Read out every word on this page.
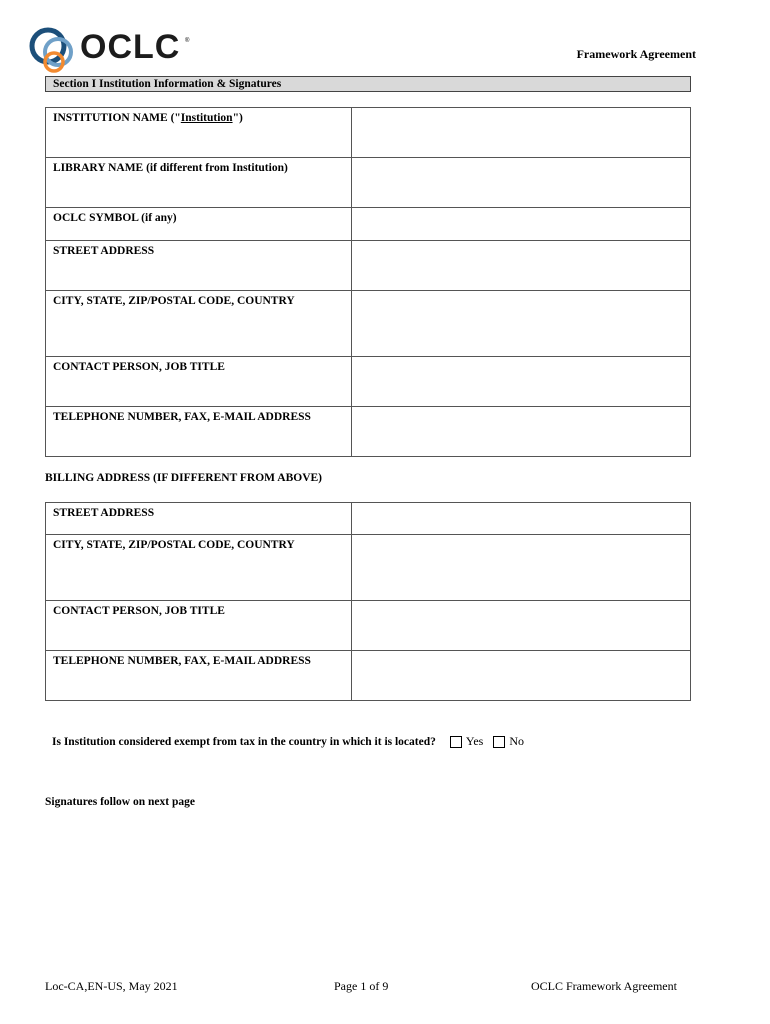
OCLC ®
Framework Agreement
Section I Institution Information & Signatures
INSTITUTION NAME ("Institution")	
LIBRARY NAME (if different from Institution)	
OCLC SYMBOL (if any)	
STREET ADDRESS	
CITY, STATE, ZIP/POSTAL CODE, COUNTRY	
CONTACT PERSON, JOB TITLE	
TELEPHONE NUMBER, FAX, E-MAIL ADDRESS	
BILLING ADDRESS (IF DIFFERENT FROM ABOVE)
STREET ADDRESS	
CITY, STATE, ZIP/POSTAL CODE, COUNTRY	
CONTACT PERSON, JOB TITLE	
TELEPHONE NUMBER, FAX, E-MAIL ADDRESS	
Is Institution considered exempt from tax in the country in which it is located?	Yes No
Signatures follow on next page
Loc-CA,EN-US, May 2021	Page 1 of 9	OCLC Framework Agreement
